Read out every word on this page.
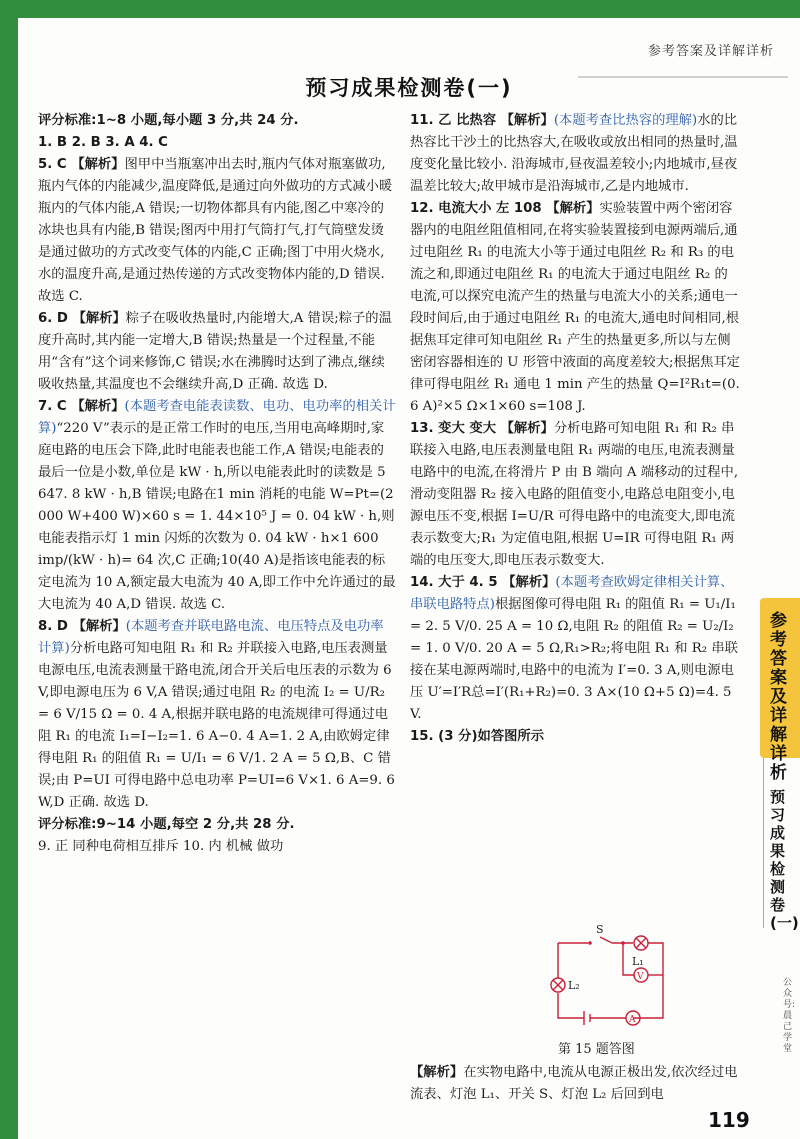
参考答案及详解详析
预习成果检测卷(一)

评分标准:1~8 小题,每小题 3 分,共 24 分.

1. B 2. B 3. A 4. C

5. C 【解析】图甲中当瓶塞冲出去时,瓶内气体对瓶塞做功,瓶内气体的内能减少,温度降低,是通过向外做功的方式减小暖瓶内的气体内能,A 错误;一切物体都具有内能,图乙中寒冷的冰块也具有内能,B 错误;图丙中用打气筒打气,打气筒壁发烫是通过做功的方式改变气体的内能,C 正确;图丁中用火烧水,水的温度升高,是通过热传递的方式改变物体内能的,D 错误. 故选 C.

6. D 【解析】粽子在吸收热量时,内能增大,A 错误;粽子的温度升高时,其内能一定增大,B 错误;热量是一个过程量,不能用“含有”这个词来修饰,C 错误;水在沸腾时达到了沸点,继续吸收热量,其温度也不会继续升高,D 正确. 故选 D.

7. C 【解析】(本题考查电能表读数、电功、电功率的相关计算)“220 V”表示的是正常工作时的电压,当用电高峰期时,家庭电路的电压会下降,此时电能表也能工作,A 错误;电能表的最后一位是小数,单位是 kW · h,所以电能表此时的读数是 5 647. 8 kW · h,B 错误;电路在1 min 消耗的电能 W=Pt=(2 000 W+400 W)×60 s = 1. 44×10⁵ J = 0. 04 kW · h,则电能表指示灯 1 min 闪烁的次数为 0. 04 kW · h×1 600 imp/(kW · h)= 64 次,C 正确;10(40 A)是指该电能表的标定电流为 10 A,额定最大电流为 40 A,即工作中允许通过的最大电流为 40 A,D 错误. 故选 C.

8. D 【解析】(本题考查并联电路电流、电压特点及电功率计算)分析电路可知电阻 R₁ 和 R₂ 并联接入电路,电压表测量电源电压,电流表测量干路电流,闭合开关后电压表的示数为 6 V,即电源电压为 6 V,A 错误;通过电阻 R₂ 的电流 I₂ = U/R₂ = 6 V/15 Ω = 0. 4 A,根据并联电路的电流规律可得通过电阻 R₁ 的电流 I₁=I−I₂=1. 6 A−0. 4 A=1. 2 A,由欧姆定律得电阻 R₁ 的阻值 R₁ = U/I₁ = 6 V/1. 2 A = 5 Ω,B、C 错误;由 P=UI 可得电路中总电功率 P=UI=6 V×1. 6 A=9. 6 W,D 正确. 故选 D.

评分标准:9~14 小题,每空 2 分,共 28 分.

9. 正 同种电荷相互排斥 10. 内 机械 做功

11. 乙 比热容 【解析】(本题考查比热容的理解)水的比热容比干沙土的比热容大,在吸收或放出相同的热量时,温度变化量比较小. 沿海城市,昼夜温差较小;内地城市,昼夜温差比较大;故甲城市是沿海城市,乙是内地城市.

12. 电流大小 左 108 【解析】实验装置中两个密闭容器内的电阻丝阻值相同,在将实验装置接到电源两端后,通过电阻丝 R₁ 的电流大小等于通过电阻丝 R₂ 和 R₃ 的电流之和,即通过电阻丝 R₁ 的电流大于通过电阻丝 R₂ 的电流,可以探究电流产生的热量与电流大小的关系;通电一段时间后,由于通过电阻丝 R₁ 的电流大,通电时间相同,根据焦耳定律可知电阻丝 R₁ 产生的热量更多,所以与左侧密闭容器相连的 U 形管中液面的高度差较大;根据焦耳定律可得电阻丝 R₁ 通电 1 min 产生的热量 Q=I²R₁t=(0. 6 A)²×5 Ω×1×60 s=108 J.

13. 变大 变大 【解析】分析电路可知电阻 R₁ 和 R₂ 串联接入电路,电压表测量电阻 R₁ 两端的电压,电流表测量电路中的电流,在将滑片 P 由 B 端向 A 端移动的过程中,滑动变阻器 R₂ 接入电路的阻值变小,电路总电阻变小,电源电压不变,根据 I=U/R 可得电路中的电流变大,即电流表示数变大;R₁ 为定值电阻,根据 U=IR 可得电阻 R₁ 两端的电压变大,即电压表示数变大.

14. 大于 4. 5 【解析】(本题考查欧姆定律相关计算、串联电路特点)根据图像可得电阻 R₁ 的阻值 R₁ = U₁/I₁ = 2. 5 V/0. 25 A = 10 Ω,电阻 R₂ 的阻值 R₂ = U₂/I₂ = 1. 0 V/0. 20 A = 5 Ω,R₁>R₂;将电阻 R₁ 和 R₂ 串联接在某电源两端时,电路中的电流为 I′=0. 3 A,则电源电压 U′=I′R总=I′(R₁+R₂)=0. 3 A×(10 Ω+5 Ω)=4. 5 V.

15. (3 分)如答图所示

S
L₁
V
A
L₂
第 15 题答图
【解析】在实物电路中,电流从电源正极出发,依次经过电流表、灯泡 L₁、开关 S、灯泡 L₂ 后回到电
参考答案及详解详析
预习成果检测卷(一)
公众号:晨己学堂
119
